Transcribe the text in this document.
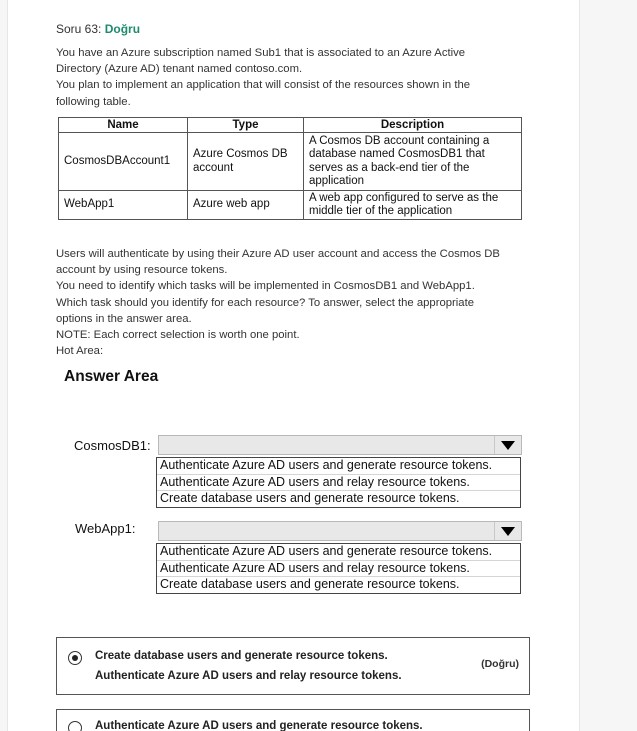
Soru 63: Doğru
You have an Azure subscription named Sub1 that is associated to an Azure Active
Directory (Azure AD) tenant named contoso.com.
You plan to implement an application that will consist of the resources shown in the
following table.
Name	Type	Description
CosmosDBAccount1	Azure Cosmos DB account	A Cosmos DB account containing a database named CosmosDB1 that serves as a back-end tier of the application
WebApp1	Azure web app	A web app configured to serve as the middle tier of the application
Users will authenticate by using their Azure AD user account and access the Cosmos DB
account by using resource tokens.
You need to identify which tasks will be implemented in CosmosDB1 and WebApp1.
Which task should you identify for each resource? To answer, select the appropriate
options in the answer area.
NOTE: Each correct selection is worth one point.
Hot Area:
Answer Area
CosmosDB1:
Authenticate Azure AD users and generate resource tokens.
Authenticate Azure AD users and relay resource tokens.
Create database users and generate resource tokens.
WebApp1:
Authenticate Azure AD users and generate resource tokens.
Authenticate Azure AD users and relay resource tokens.
Create database users and generate resource tokens.
Create database users and generate resource tokens.
Authenticate Azure AD users and relay resource tokens.
(Doğru)
Authenticate Azure AD users and generate resource tokens.
